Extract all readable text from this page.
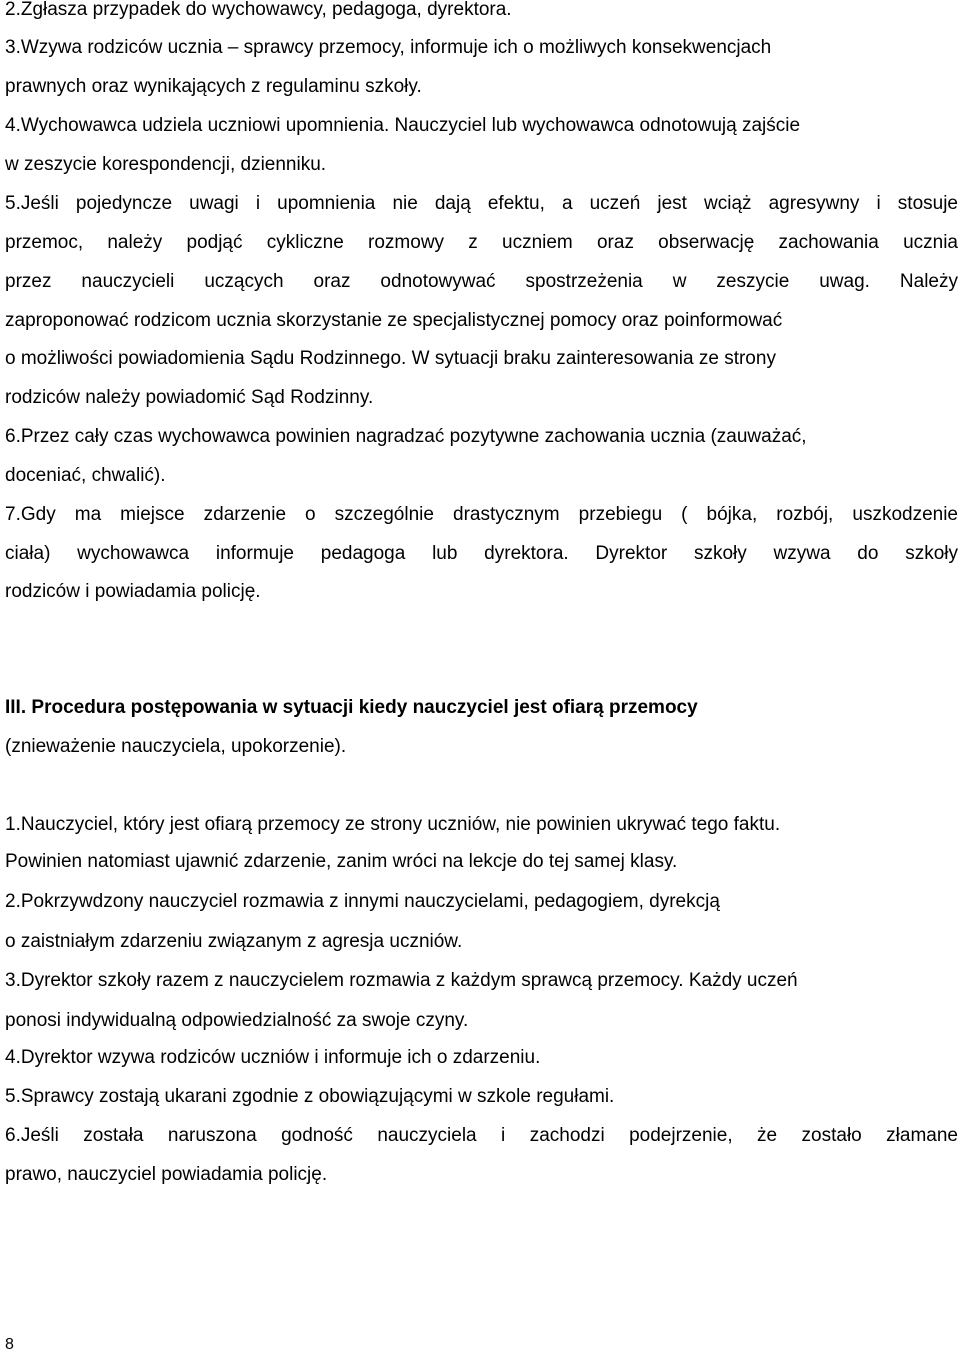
2.Zgłasza przypadek do wychowawcy, pedagoga, dyrektora.

3.Wzywa rodziców ucznia – sprawcy przemocy, informuje ich o możliwych konsekwencjach

prawnych oraz wynikających z regulaminu szkoły.

4.Wychowawca udziela uczniowi upomnienia. Nauczyciel lub wychowawca odnotowują zajście

w zeszycie korespondencji, dzienniku.

5.Jeśli pojedyncze uwagi i upomnienia nie dają efektu, a uczeń jest wciąż agresywny i stosuje

przemoc, należy podjąć cykliczne rozmowy z uczniem oraz obserwację zachowania ucznia

przez nauczycieli uczących oraz odnotowywać spostrzeżenia w zeszycie uwag. Należy

zaproponować rodzicom ucznia skorzystanie ze specjalistycznej pomocy oraz poinformować

o możliwości powiadomienia Sądu Rodzinnego. W sytuacji braku zainteresowania ze strony

rodziców należy powiadomić Sąd Rodzinny.

6.Przez cały czas wychowawca powinien nagradzać pozytywne zachowania ucznia (zauważać,

doceniać, chwalić).

7.Gdy ma miejsce zdarzenie o szczególnie drastycznym przebiegu ( bójka, rozbój, uszkodzenie

ciała) wychowawca informuje pedagoga lub dyrektora. Dyrektor szkoły wzywa do szkoły

rodziców i powiadamia policję.

III. Procedura postępowania w sytuacji kiedy nauczyciel jest ofiarą przemocy

(znieważenie nauczyciela, upokorzenie).

1.Nauczyciel, który jest ofiarą przemocy ze strony uczniów, nie powinien ukrywać tego faktu.

Powinien natomiast ujawnić zdarzenie, zanim wróci na lekcje do tej samej klasy.

2.Pokrzywdzony nauczyciel rozmawia z innymi nauczycielami, pedagogiem, dyrekcją

o zaistniałym zdarzeniu związanym z agresja uczniów.

3.Dyrektor szkoły razem z nauczycielem rozmawia z każdym sprawcą przemocy. Każdy uczeń

ponosi indywidualną odpowiedzialność za swoje czyny.

4.Dyrektor wzywa rodziców uczniów i informuje ich o zdarzeniu.

5.Sprawcy zostają ukarani zgodnie z obowiązującymi w szkole regułami.

6.Jeśli została naruszona godność nauczyciela i zachodzi podejrzenie, że zostało złamane

prawo, nauczyciel powiadamia policję.

8
